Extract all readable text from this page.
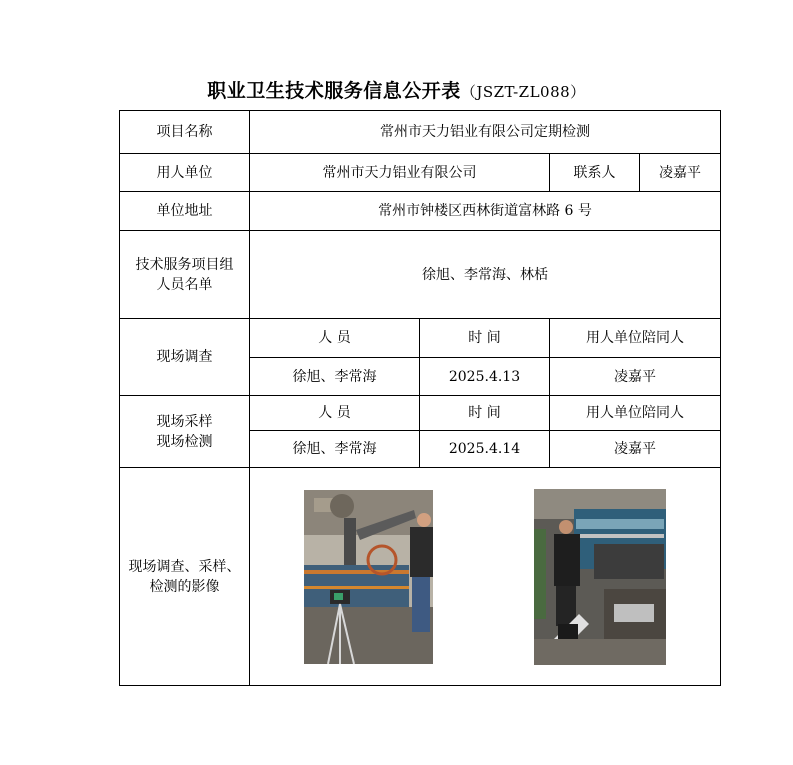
职业卫生技术服务信息公开表（JSZT-ZL088）
项目名称	常州市天力铝业有限公司定期检测			
用人单位	常州市天力铝业有限公司		联系人	凌嘉平
单位地址	常州市钟楼区西林街道富林路 6 号			

技术服务项目组
人员名单	徐旭、李常海、林栝			
现场调查	人 员	时 间	用人单位陪同人	
	徐旭、李常海	2025.4.13	凌嘉平	

现场采样
现场检测	人 员	时 间	用人单位陪同人	
	徐旭、李常海	2025.4.14	凌嘉平	

现场调查、采样、
检测的影像
